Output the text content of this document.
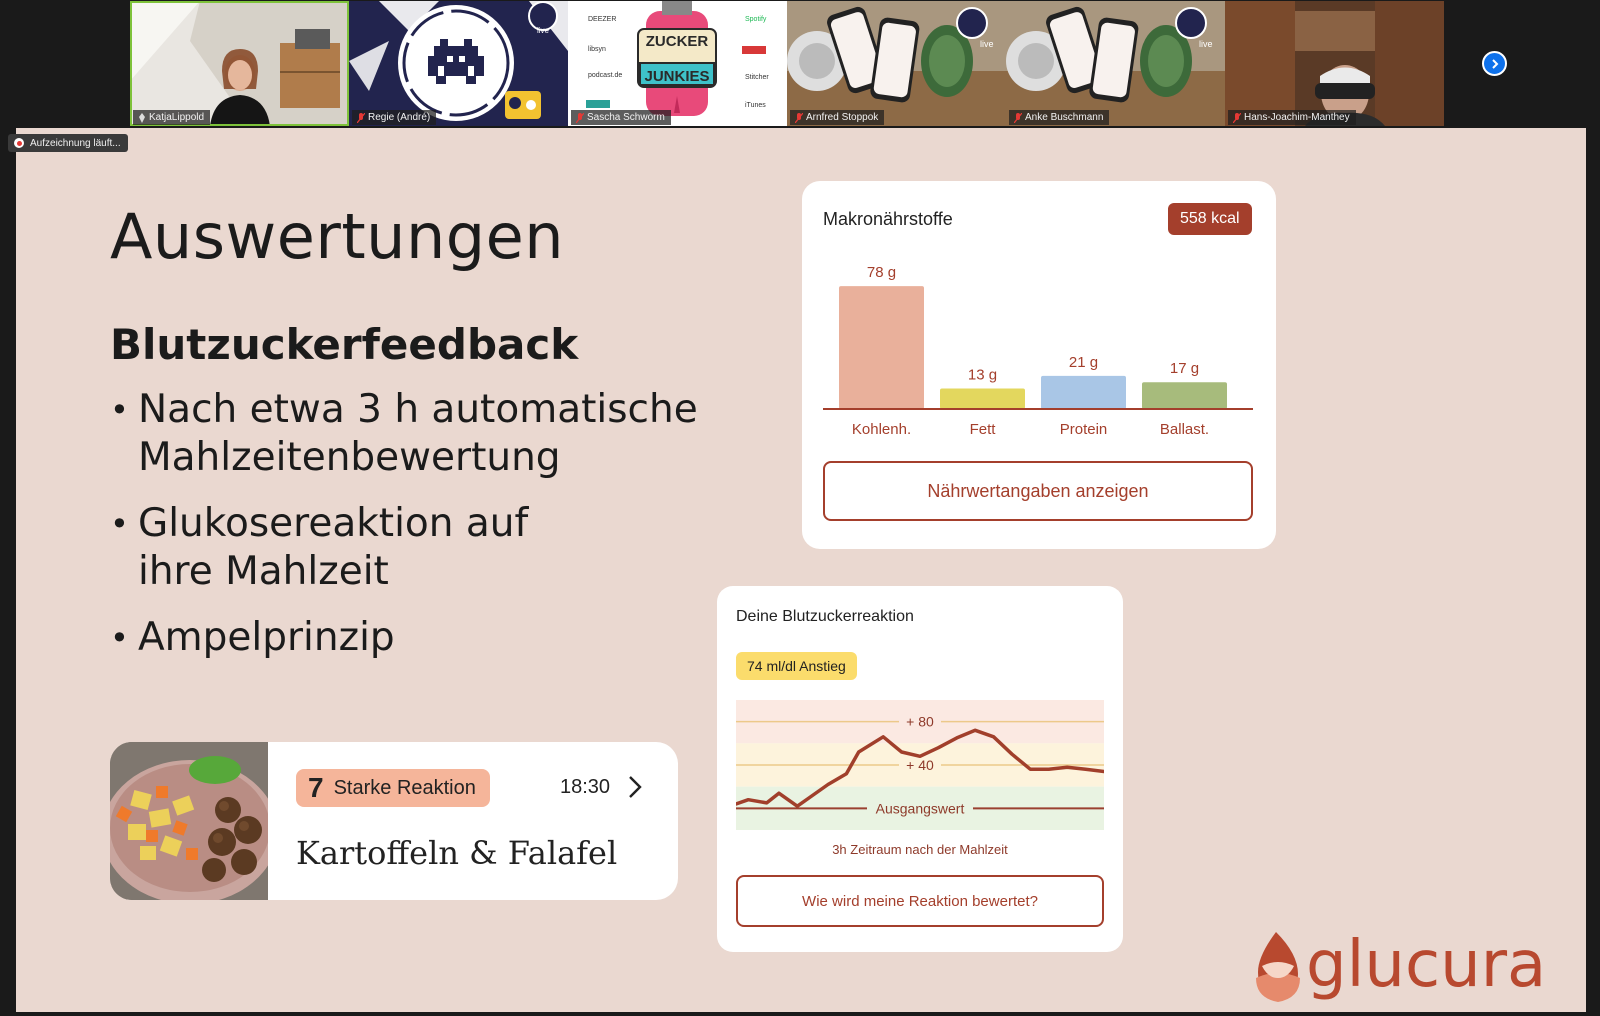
KatjaLippold
live
Regie (André)
DEEZER
libsyn
podcast.de
Spotify
Stitcher
iTunes
ZUCKER
JUNKIES
Sascha Schworm
live
Arnfred Stoppok
live
Anke Buschmann	Hans-Joachim-Manthey
Aufzeichnung läuft...
Auswertungen
Blutzuckerfeedback
• Nach etwa 3 h automatische Mahlzeitenbewertung
• Glukosereaktion auf ihre Mahlzeit
• Ampelprinzip
7 Starke Reaktion	18:30
Kartoffeln & Falafel
Makronährstoffe	558 kcal
78 g
Kohlenh.
13 g
Fett
21 g
Protein
17 g
Ballast.
Nährwertangaben anzeigen
Deine Blutzuckerreaktion
74 ml/dl Anstieg
+ 80
+ 40
Ausgangswert
3h Zeitraum nach der Mahlzeit
Wie wird meine Reaktion bewertet?
glucura
